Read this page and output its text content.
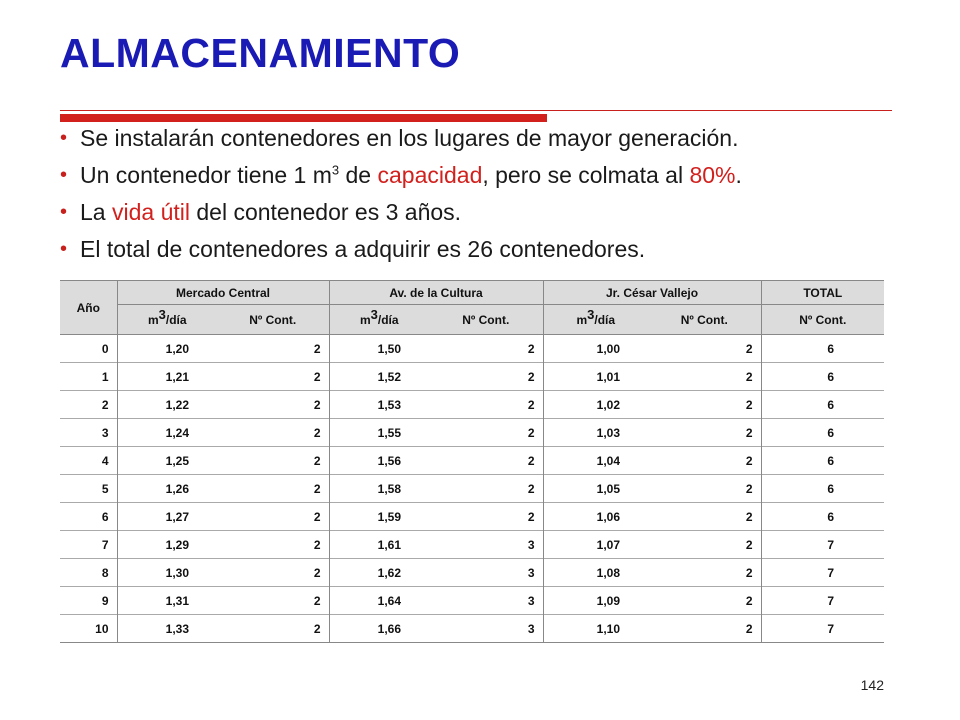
ALMACENAMIENTO
• Se instalarán contenedores en los lugares de mayor generación.
• Un contenedor tiene 1 $m^3$ de capacidad, pero se colmata al 80%.
• La vida útil del contenedor es 3 años.
• El total de contenedores a adquirir es 26 contenedores.
Año	Mercado Central		Av. de la Cultura		Jr. César Vallejo		TOTAL
	$m^3$/día	Nº Cont.	$m^3$/día	Nº Cont.	$m^3$/día	Nº Cont.	Nº Cont.
0	1,20	2	1,50	2	1,00	2	6
1	1,21	2	1,52	2	1,01	2	6
2	1,22	2	1,53	2	1,02	2	6
3	1,24	2	1,55	2	1,03	2	6
4	1,25	2	1,56	2	1,04	2	6
5	1,26	2	1,58	2	1,05	2	6
6	1,27	2	1,59	2	1,06	2	6
7	1,29	2	1,61	3	1,07	2	7
8	1,30	2	1,62	3	1,08	2	7
9	1,31	2	1,64	3	1,09	2	7
10	1,33	2	1,66	3	1,10	2	7
142
